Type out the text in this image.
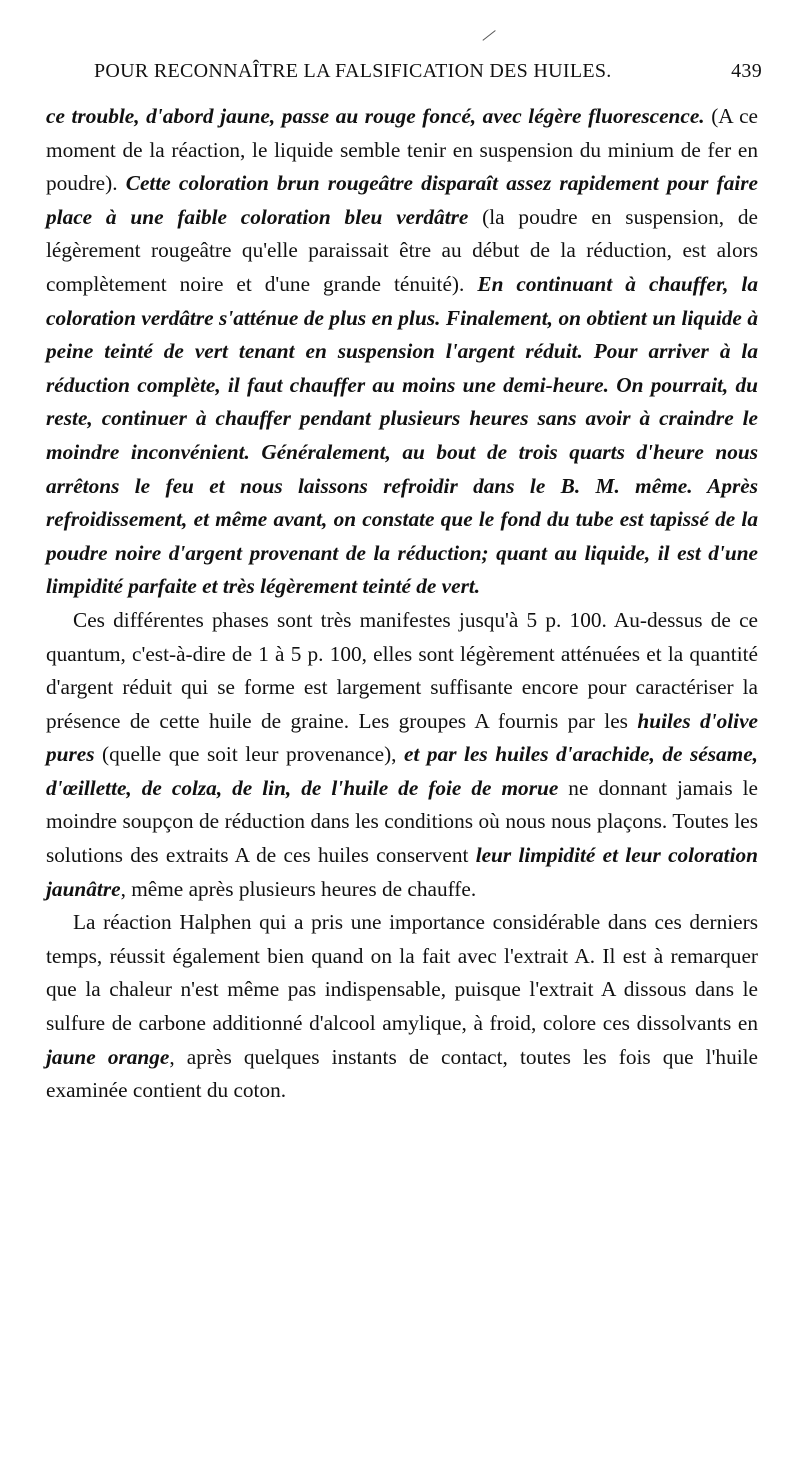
POUR RECONNAÎTRE LA FALSIFICATION DES HUILES.	439

ce trouble, d'abord jaune, passe au rouge foncé, avec légère fluorescence. (A ce moment de la réaction, le liquide semble tenir en suspension du minium de fer en poudre). Cette coloration brun rougeâtre disparaît assez rapidement pour faire place à une faible coloration bleu verdâtre (la poudre en suspension, de légèrement rougeâtre qu'elle paraissait être au début de la réduction, est alors complètement noire et d'une grande ténuité). En continuant à chauffer, la coloration verdâtre s'atténue de plus en plus. Finalement, on obtient un liquide à peine teinté de vert tenant en suspension l'argent réduit. Pour arriver à la réduction complète, il faut chauffer au moins une demi-heure. On pourrait, du reste, continuer à chauffer pendant plusieurs heures sans avoir à craindre le moindre inconvénient. Généralement, au bout de trois quarts d'heure nous arrêtons le feu et nous laissons refroidir dans le B. M. même. Après refroidissement, et même avant, on constate que le fond du tube est tapissé de la poudre noire d'argent provenant de la réduction; quant au liquide, il est d'une limpidité parfaite et très légèrement teinté de vert.

Ces différentes phases sont très manifestes jusqu'à 5 p. 100. Au-dessus de ce quantum, c'est-à-dire de 1 à 5 p. 100, elles sont légèrement atténuées et la quantité d'argent réduit qui se forme est largement suffisante encore pour caractériser la présence de cette huile de graine. Les groupes A fournis par les huiles d'olive pures (quelle que soit leur provenance), et par les huiles d'arachide, de sésame, d'œillette, de colza, de lin, de l'huile de foie de morue ne donnant jamais le moindre soupçon de réduction dans les conditions où nous nous plaçons. Toutes les solutions des extraits A de ces huiles conservent leur limpidité et leur coloration jaunâtre, même après plusieurs heures de chauffe.

La réaction Halphen qui a pris une importance considérable dans ces derniers temps, réussit également bien quand on la fait avec l'extrait A. Il est à remarquer que la chaleur n'est même pas indispensable, puisque l'extrait A dissous dans le sulfure de carbone additionné d'alcool amylique, à froid, colore ces dissolvants en jaune orange, après quelques instants de contact, toutes les fois que l'huile examinée contient du coton.
